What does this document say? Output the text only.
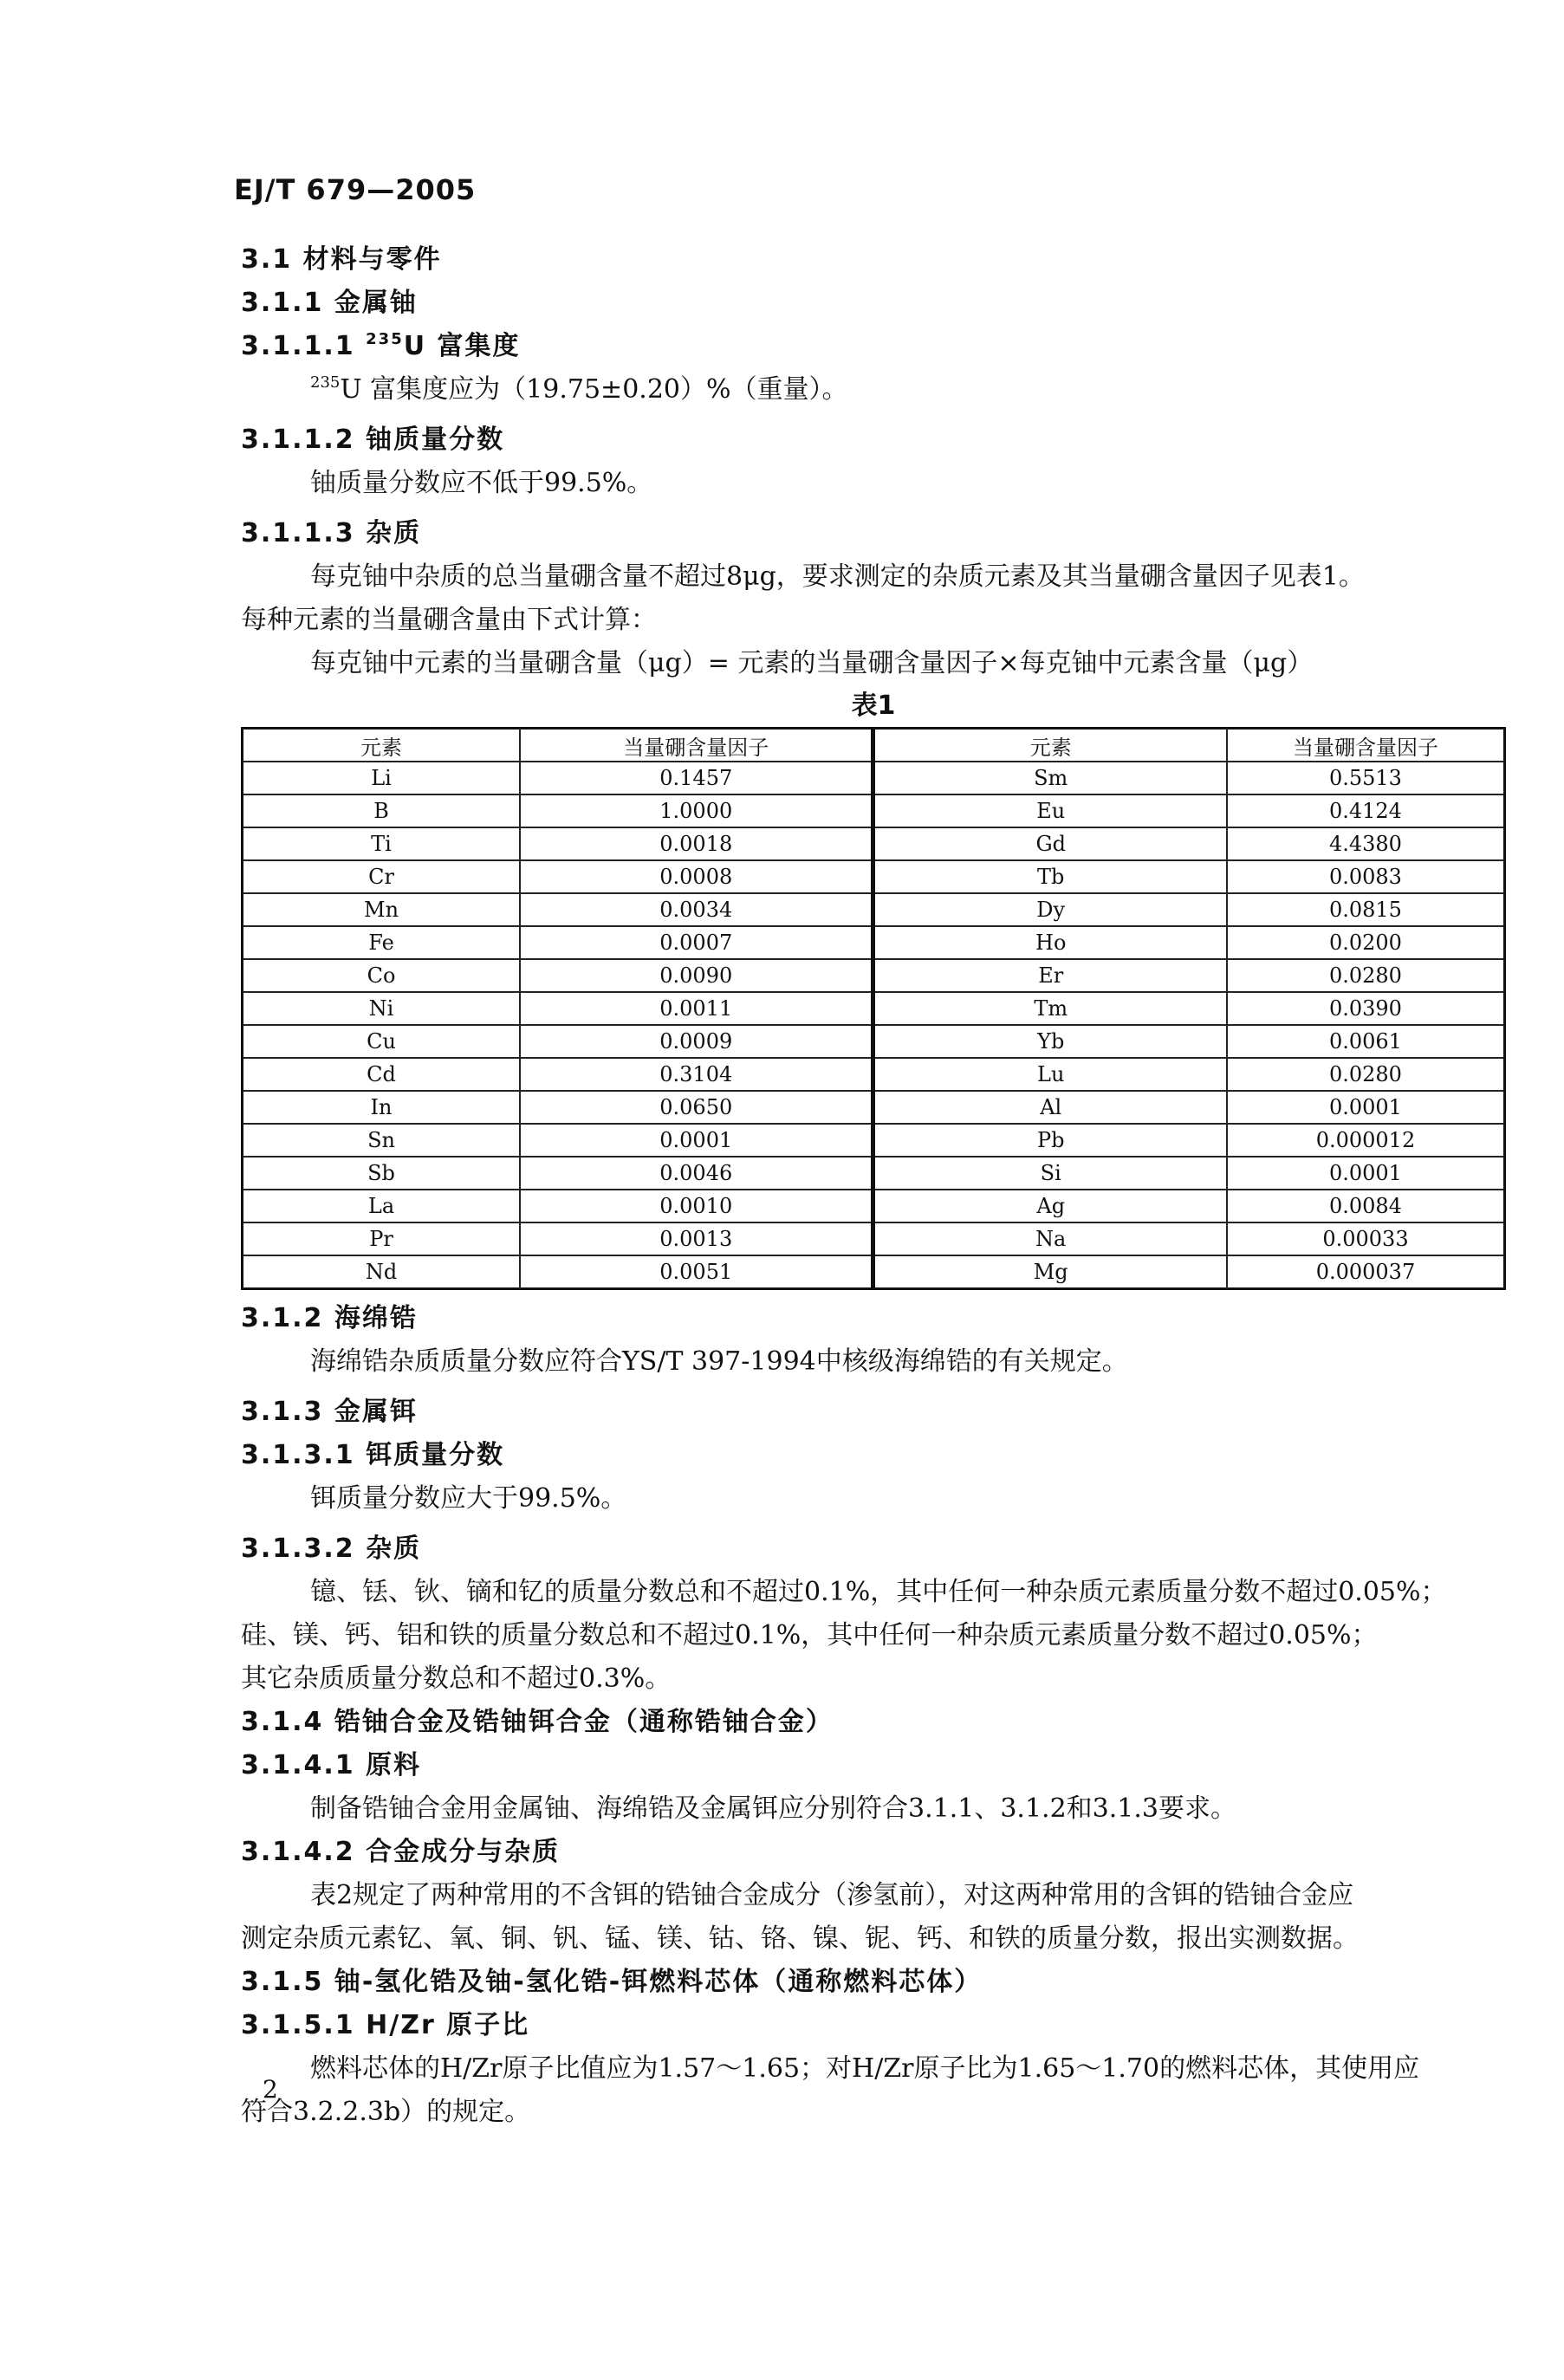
EJ/T 679—2005

3.1 材料与零件

3.1.1 金属铀

3.1.1.1 $^{235}$U 富集度

$^{235}$U 富集度应为（19.75±0.20）%（重量）。

3.1.1.2 铀质量分数

铀质量分数应不低于99.5%。

3.1.1.3 杂质

每克铀中杂质的总当量硼含量不超过8μg，要求测定的杂质元素及其当量硼含量因子见表1。

每种元素的当量硼含量由下式计算：

每克铀中元素的当量硼含量（μg）= 元素的当量硼含量因子×每克铀中元素含量（μg）

表1

元素	当量硼含量因子	元素	当量硼含量因子
Li	0.1457	Sm	0.5513
B	1.0000	Eu	0.4124
Ti	0.0018	Gd	4.4380
Cr	0.0008	Tb	0.0083
Mn	0.0034	Dy	0.0815
Fe	0.0007	Ho	0.0200
Co	0.0090	Er	0.0280
Ni	0.0011	Tm	0.0390
Cu	0.0009	Yb	0.0061
Cd	0.3104	Lu	0.0280
In	0.0650	Al	0.0001
Sn	0.0001	Pb	0.000012
Sb	0.0046	Si	0.0001
La	0.0010	Ag	0.0084
Pr	0.0013	Na	0.00033
Nd	0.0051	Mg	0.000037

3.1.2 海绵锆

海绵锆杂质质量分数应符合YS/T 397-1994中核级海绵锆的有关规定。

3.1.3 金属铒

3.1.3.1 铒质量分数

铒质量分数应大于99.5%。

3.1.3.2 杂质

镱、铥、钬、镝和钇的质量分数总和不超过0.1%，其中任何一种杂质元素质量分数不超过0.05%；

硅、镁、钙、铝和铁的质量分数总和不超过0.1%，其中任何一种杂质元素质量分数不超过0.05%；

其它杂质质量分数总和不超过0.3%。

3.1.4 锆铀合金及锆铀铒合金（通称锆铀合金）

3.1.4.1 原料

制备锆铀合金用金属铀、海绵锆及金属铒应分别符合3.1.1、3.1.2和3.1.3要求。

3.1.4.2 合金成分与杂质

表2规定了两种常用的不含铒的锆铀合金成分（渗氢前），对这两种常用的含铒的锆铀合金应

测定杂质元素钇、氧、铜、钒、锰、镁、钴、铬、镍、铌、钙、和铁的质量分数，报出实测数据。

3.1.5 铀-氢化锆及铀-氢化锆-铒燃料芯体（通称燃料芯体）

3.1.5.1 H/Zr 原子比

燃料芯体的H/Zr原子比值应为1.57～1.65；对H/Zr原子比为1.65～1.70的燃料芯体，其使用应

符合3.2.2.3b）的规定。

2
